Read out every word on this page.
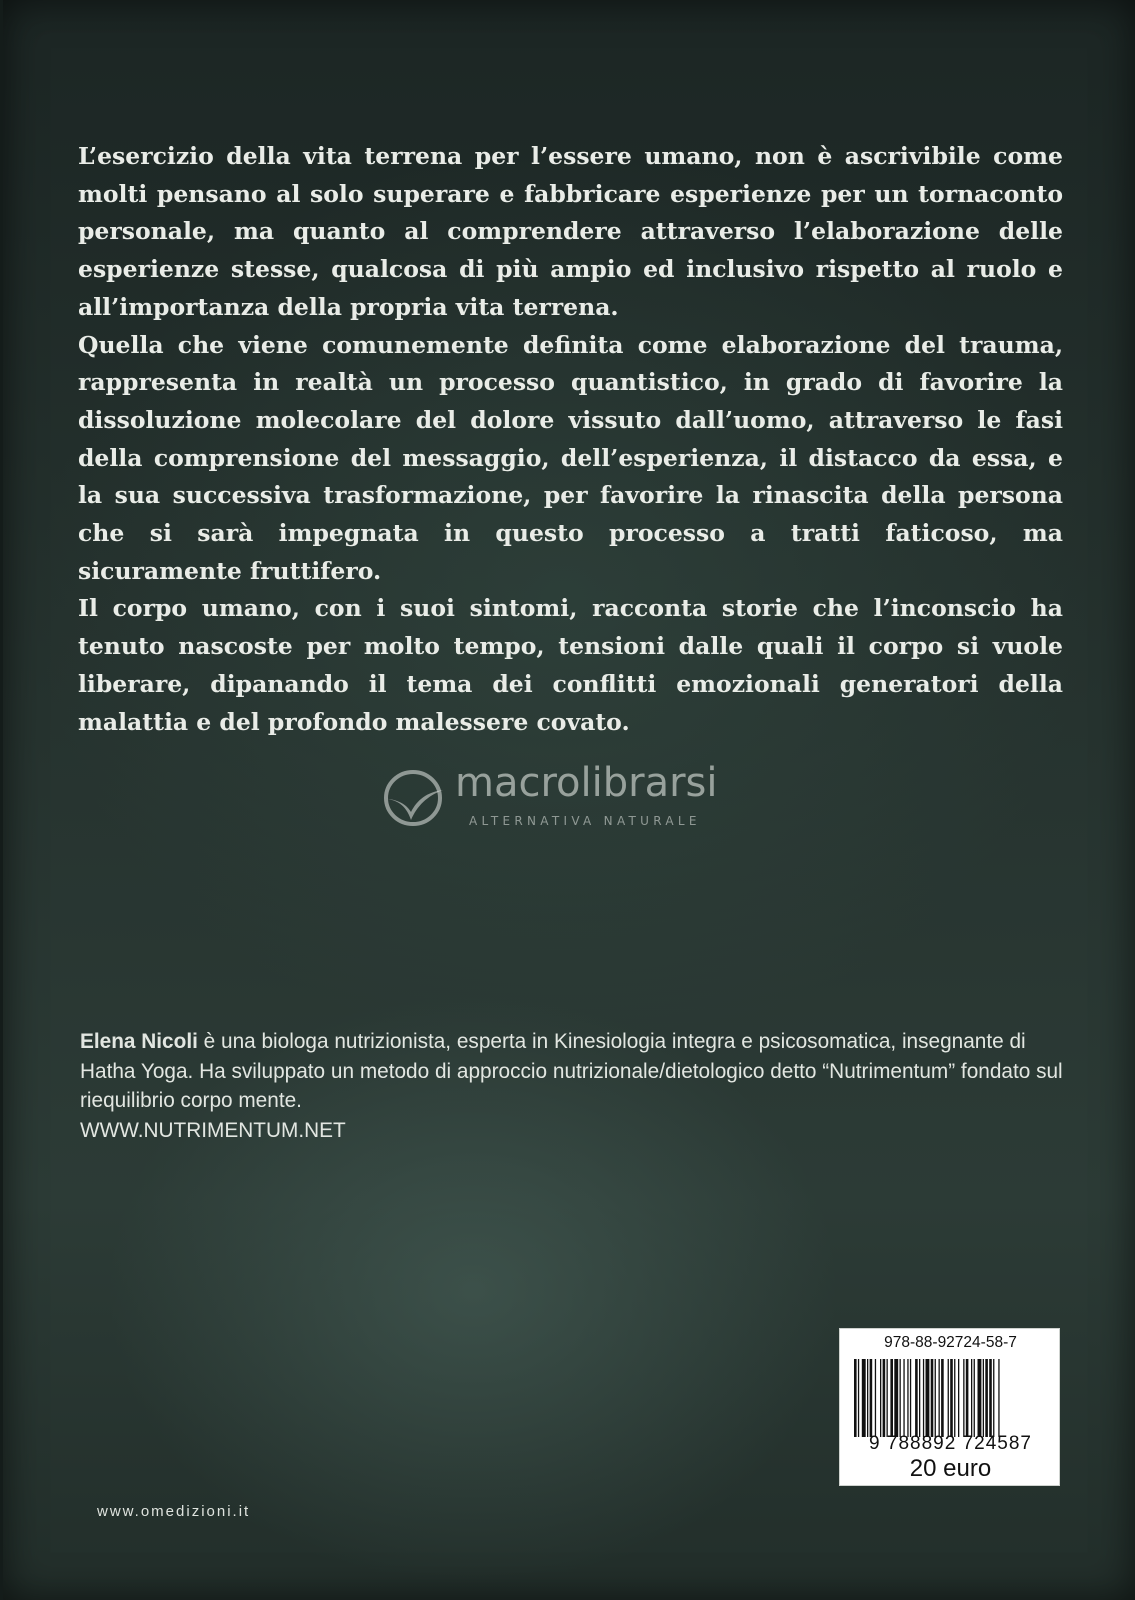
L’esercizio della vita terrena per l’essere umano, non è ascrivibile come molti pensano al solo superare e fabbricare esperienze per un tornaconto personale, ma quanto al comprendere attraverso l’elaborazione delle esperienze stesse, qualcosa di più ampio ed inclusivo rispetto al ruolo e all’importanza della propria vita terrena.

Quella che viene comunemente definita come elaborazione del trauma, rappresenta in realtà un processo quantistico, in grado di favorire la dissoluzione molecolare del dolore vissuto dall’uomo, attraverso le fasi della comprensione del messaggio, dell’esperienza, il distacco da essa, e la sua successiva trasformazione, per favorire la rinascita della persona che si sarà impegnata in questo processo a tratti faticoso, ma sicuramente fruttifero.

Il corpo umano, con i suoi sintomi, racconta storie che l’inconscio ha tenuto nascoste per molto tempo, tensioni dalle quali il corpo si vuole liberare, dipanando il tema dei conflitti emozionali generatori della malattia e del profondo malessere covato.

macrolibrarsi
ALTERNATIVA NATURALE

Elena Nicoli è una biologa nutrizionista, esperta in Kinesiologia integra e psicosomatica, insegnante di Hatha Yoga. Ha sviluppato un metodo di approccio nutrizionale/dietologico detto “Nutrimentum” fondato sul riequilibrio corpo mente.

WWW.NUTRIMENTUM.NET

www.omedizioni.it
978-88-92724-58-7
9 788892 724587
20 euro
